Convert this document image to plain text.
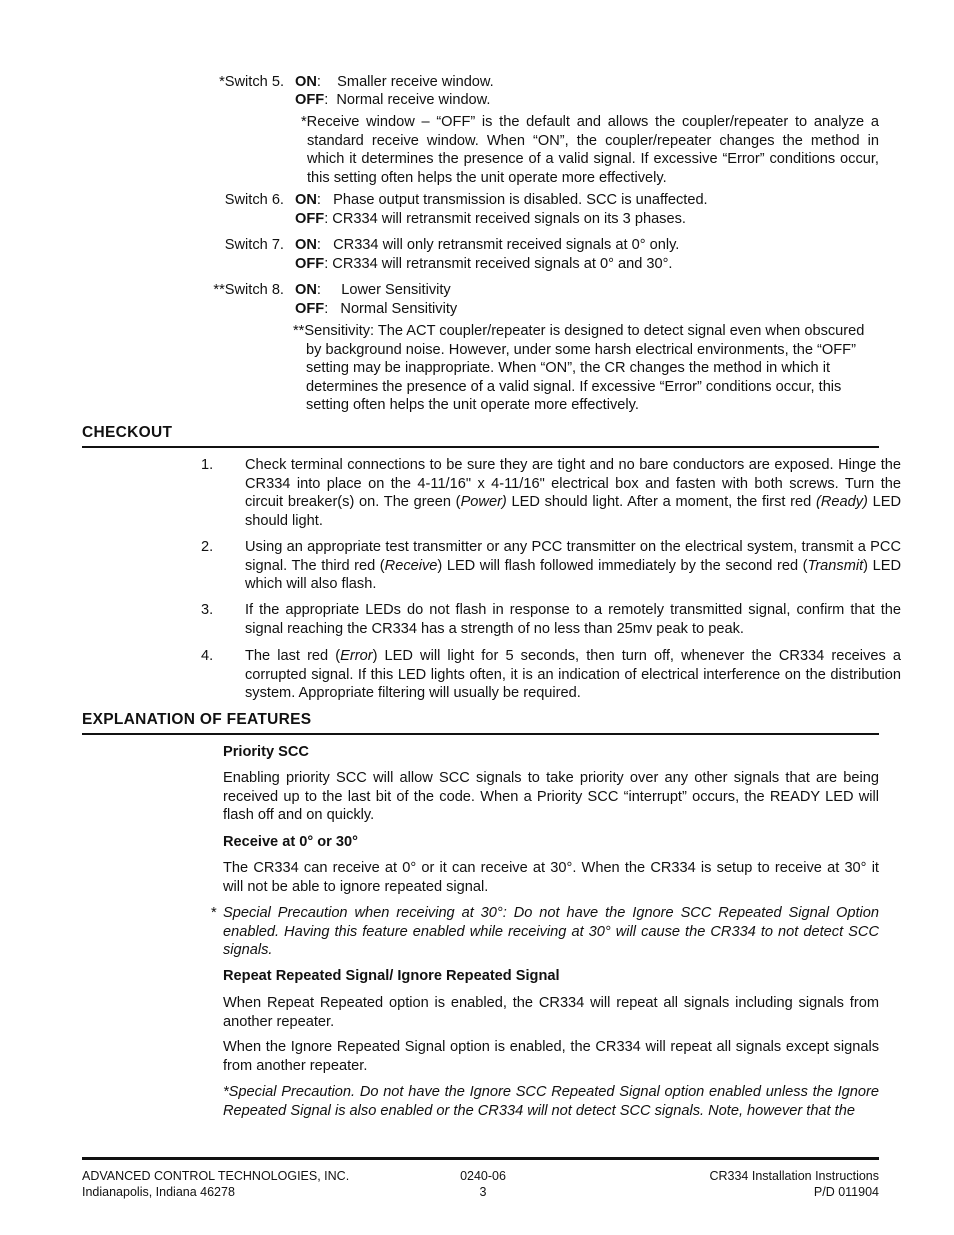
*Switch 5. ON:    Smaller receive window.
OFF:  Normal receive window.
*Receive window – “OFF” is the default and allows the coupler/repeater to analyze a standard receive window. When “ON”, the coupler/repeater changes the method in which it determines the presence of a valid signal. If excessive “Error” conditions occur, this setting often helps the unit operate more effectively.
Switch 6. ON:   Phase output transmission is disabled. SCC is unaffected.
OFF: CR334 will retransmit received signals on its 3 phases.
Switch 7. ON:   CR334 will only retransmit received signals at 0° only.
OFF: CR334 will retransmit received signals at 0° and 30°.
**Switch 8. ON:     Lower Sensitivity
OFF:   Normal Sensitivity
**Sensitivity: The ACT coupler/repeater is designed to detect signal even when obscured by background noise. However, under some harsh electrical environments, the “OFF” setting may be inappropriate. When “ON”, the CR changes the method in which it determines the presence of a valid signal. If excessive “Error” conditions occur, this setting often helps the unit operate more effectively.
CHECKOUT
1. Check terminal connections to be sure they are tight and no bare conductors are exposed. Hinge the CR334 into place on the 4-11/16" x 4-11/16" electrical box and fasten with both screws. Turn the circuit breaker(s) on. The green (Power) LED should light. After a moment, the first red (Ready) LED should light.
2. Using an appropriate test transmitter or any PCC transmitter on the electrical system, transmit a PCC signal. The third red (Receive) LED will flash followed immediately by the second red (Transmit) LED which will also flash.
3. If the appropriate LEDs do not flash in response to a remotely transmitted signal, confirm that the signal reaching the CR334 has a strength of no less than 25mv peak to peak.
4. The last red (Error) LED will light for 5 seconds, then turn off, whenever the CR334 receives a corrupted signal. If this LED lights often, it is an indication of electrical interference on the distribution system. Appropriate filtering will usually be required.
EXPLANATION OF FEATURES
Priority SCC
Enabling priority SCC will allow SCC signals to take priority over any other signals that are being received up to the last bit of the code. When a Priority SCC “interrupt” occurs, the READY LED will flash off and on quickly.
Receive at 0° or 30°
The CR334 can receive at 0° or it can receive at 30°. When the CR334 is setup to receive at 30° it will not be able to ignore repeated signal.
* Special Precaution when receiving at 30°: Do not have the Ignore SCC Repeated Signal Option enabled. Having this feature enabled while receiving at 30° will cause the CR334 to not detect SCC signals.
Repeat Repeated Signal/ Ignore Repeated Signal
When Repeat Repeated option is enabled, the CR334 will repeat all signals including signals from another repeater.
When the Ignore Repeated Signal option is enabled, the CR334 will repeat all signals except signals from another repeater.
*Special Precaution. Do not have the Ignore SCC Repeated Signal option enabled unless the Ignore Repeated Signal is also enabled or the CR334 will not detect SCC signals. Note, however that the
ADVANCED CONTROL TECHNOLOGIES, INC.
Indianapolis, Indiana 46278
0240-06
3
CR334 Installation Instructions
P/D 011904
